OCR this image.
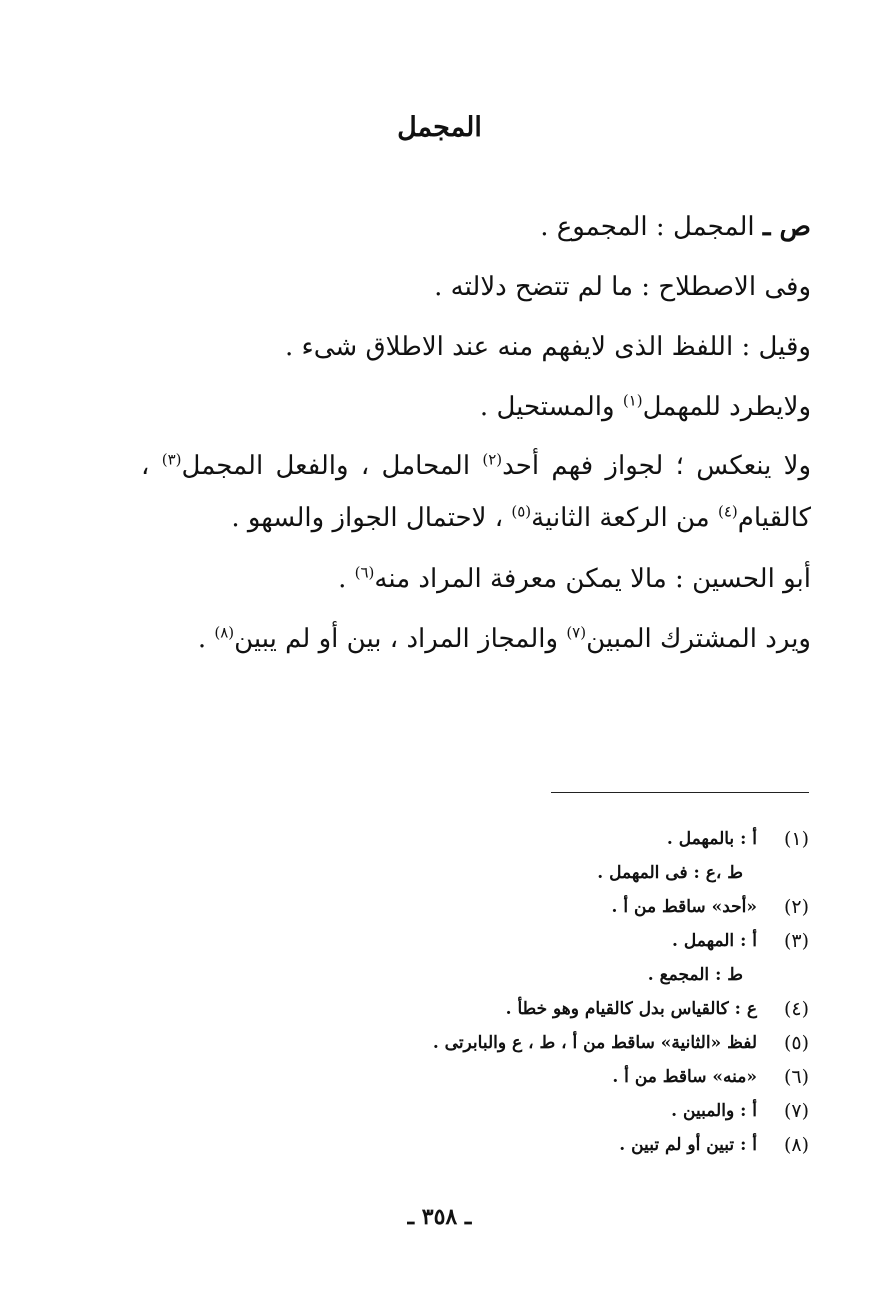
المجمل
ص ـ المجمل : المجموع .
وفى الاصطلاح : ما لم تتضح دلالته .
وقيل : اللفظ الذى لايفهم منه عند الاطلاق شىء .
ولايطرد للمهمل$^{(١)}$ والمستحيل .
ولا ينعكس ؛ لجواز فهم أحد$^{(٢)}$ المحامل ، والفعل المجمل$^{(٣)}$ ، كالقيام$^{(٤)}$ من الركعة الثانية$^{(٥)}$ ، لاحتمال الجواز والسهو .
أبو الحسين : مالا يمكن معرفة المراد منه$^{(٦)}$ .
ويرد المشترك المبين$^{(٧)}$ والمجاز المراد ، بين أو لم يبين$^{(٨)}$ .
(١)
أ : بالمهمل .
ط ،ع : فى المهمل .
(٢)
«أحد» ساقط من أ .
(٣)
أ : المهمل .
ط : المجمع .
(٤)
ع : كالقياس بدل كالقيام وهو خطأ .
(٥)
لفظ «الثانية» ساقط من أ ، ط ، ع والبابرتى .
(٦)
«منه» ساقط من أ .
(٧)
أ : والمبين .
(٨)
أ : تبين أو لم تبين .
ـ ٣٥٨ ـ
